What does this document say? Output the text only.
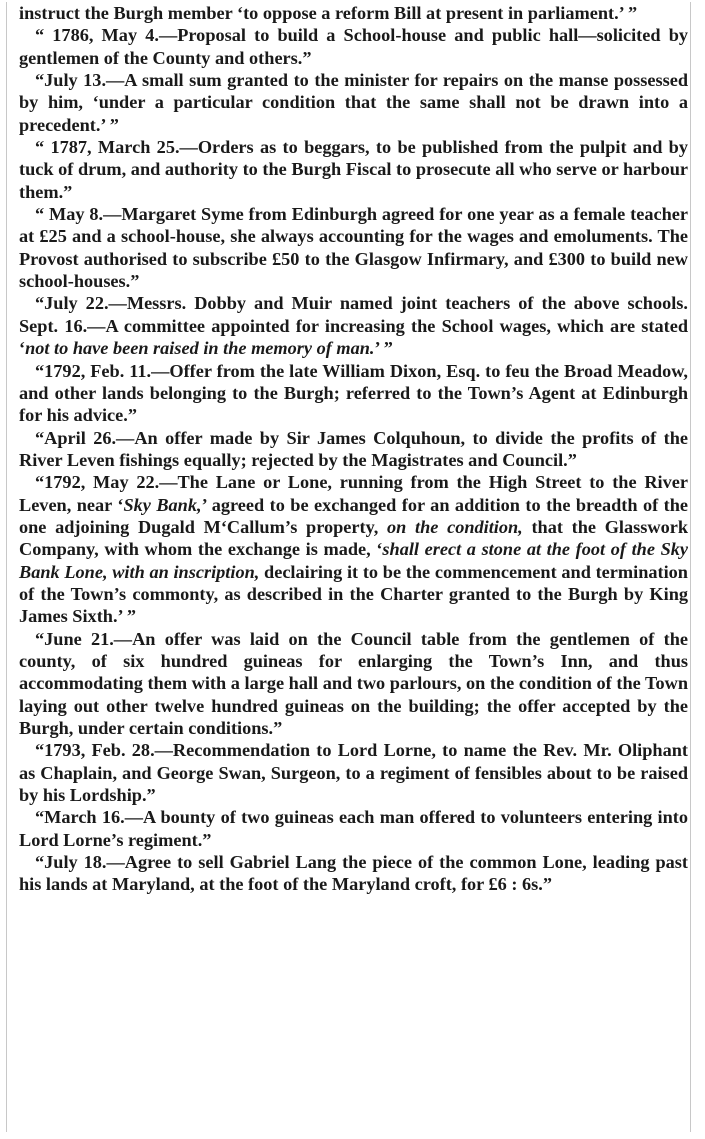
instruct the Burgh member ‘to oppose a reform Bill at present in parliament.’ ”

“ 1786, May 4.—Proposal to build a School-house and public hall—solicited by gentlemen of the County and others.”

“July 13.—A small sum granted to the minister for repairs on the manse possessed by him, ‘under a particular condition that the same shall not be drawn into a precedent.’ ”

“ 1787, March 25.—Orders as to beggars, to be published from the pulpit and by tuck of drum, and authority to the Burgh Fiscal to prosecute all who serve or harbour them.”

“ May 8.—Margaret Syme from Edinburgh agreed for one year as a female teacher at £25 and a school-house, she always accounting for the wages and emoluments. The Provost authorised to subscribe £50 to the Glasgow Infirmary, and £300 to build new school-houses.”

“July 22.—Messrs. Dobby and Muir named joint teachers of the above schools. Sept. 16.—A committee appointed for increasing the School wages, which are stated ‘not to have been raised in the memory of man.’ ”

“1792, Feb. 11.—Offer from the late William Dixon, Esq. to feu the Broad Meadow, and other lands belonging to the Burgh; referred to the Town’s Agent at Edinburgh for his advice.”

“April 26.—An offer made by Sir James Colquhoun, to divide the profits of the River Leven fishings equally; rejected by the Magistrates and Council.”

“1792, May 22.—The Lane or Lone, running from the High Street to the River Leven, near ‘Sky Bank,’ agreed to be exchanged for an addition to the breadth of the one adjoining Dugald M‘Callum’s property, on the condition, that the Glasswork Company, with whom the exchange is made, ‘shall erect a stone at the foot of the Sky Bank Lone, with an inscription, declairing it to be the commencement and termination of the Town’s commonty, as described in the Charter granted to the Burgh by King James Sixth.’ ”

“June 21.—An offer was laid on the Council table from the gentlemen of the county, of six hundred guineas for enlarging the Town’s Inn, and thus accommodating them with a large hall and two parlours, on the condition of the Town laying out other twelve hundred guineas on the building; the offer accepted by the Burgh, under certain conditions.”

“1793, Feb. 28.—Recommendation to Lord Lorne, to name the Rev. Mr. Oliphant as Chaplain, and George Swan, Surgeon, to a regiment of fensibles about to be raised by his Lordship.”

“March 16.—A bounty of two guineas each man offered to volunteers entering into Lord Lorne’s regiment.”

“July 18.—Agree to sell Gabriel Lang the piece of the common Lone, leading past his lands at Maryland, at the foot of the Maryland croft, for £6 : 6s.”
